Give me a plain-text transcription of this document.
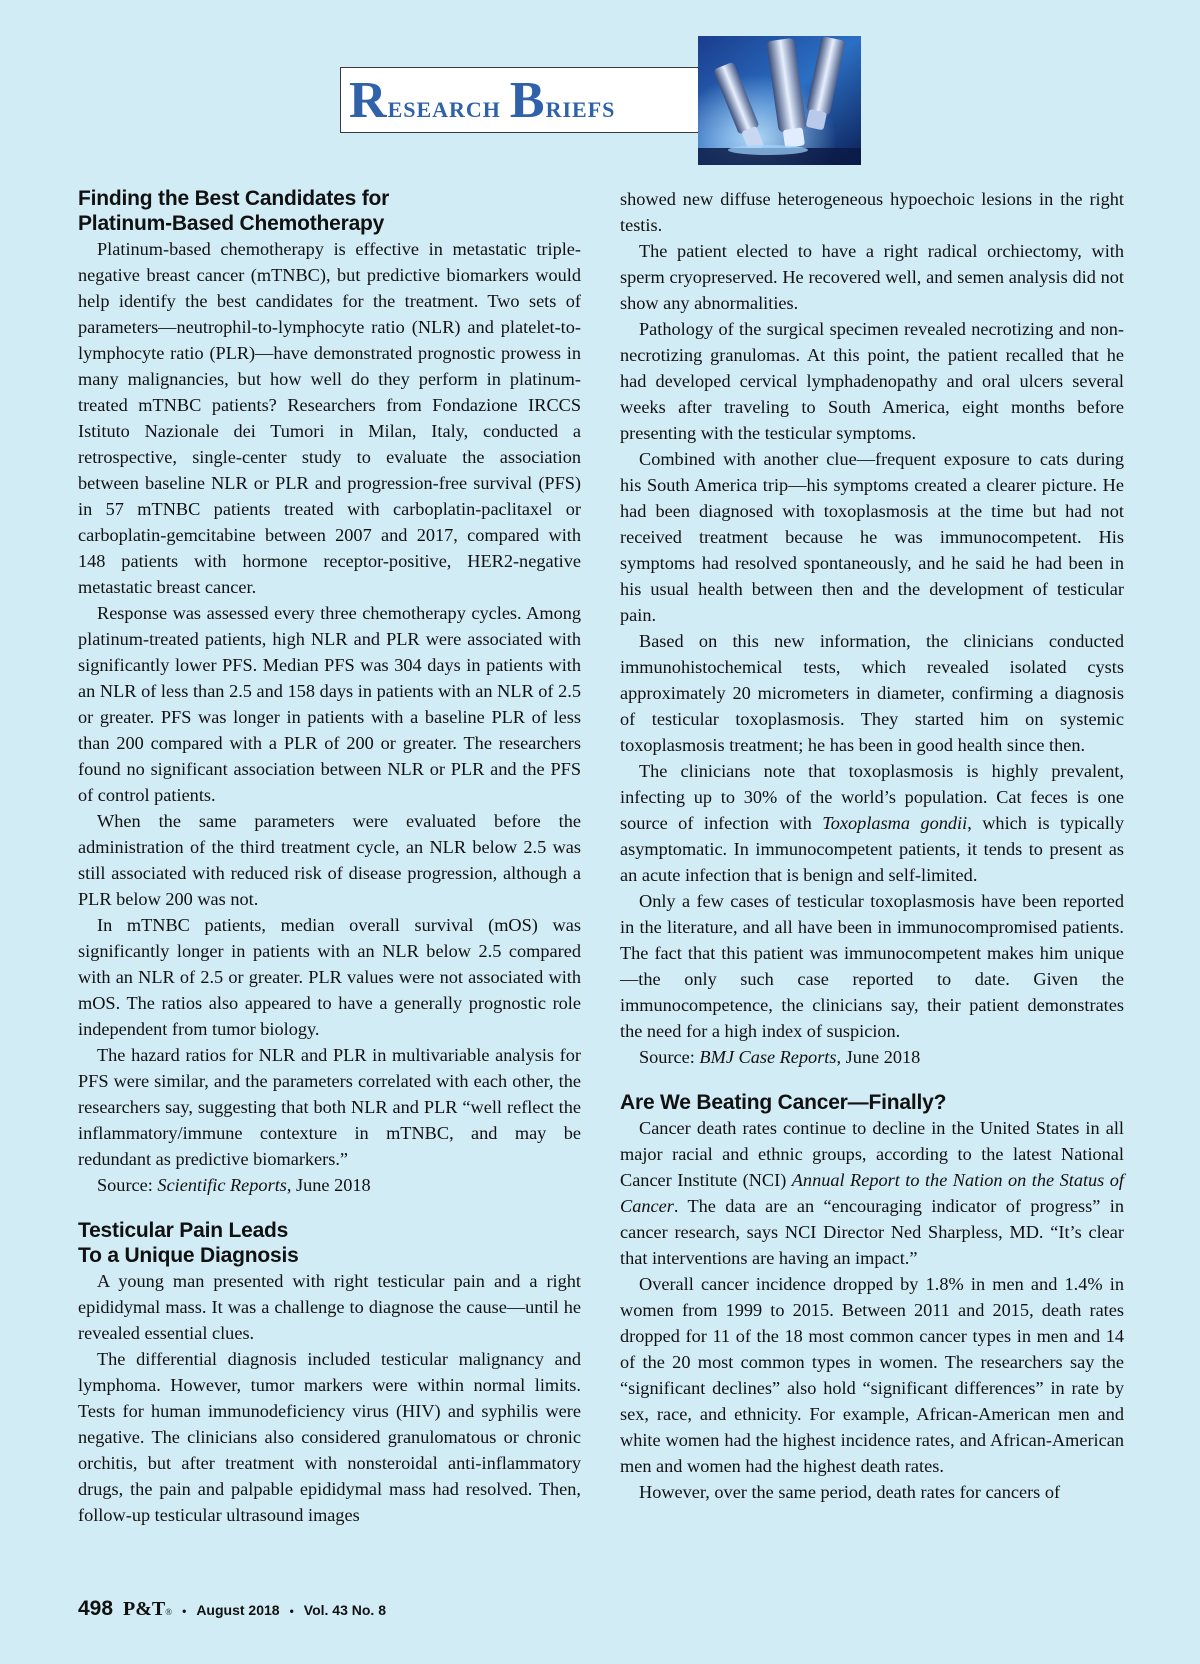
Research Briefs
Finding the Best Candidates for
Platinum-Based Chemotherapy

Platinum-based chemotherapy is effective in metastatic triple-negative breast cancer (mTNBC), but predictive biomarkers would help identify the best candidates for the treatment. Two sets of parameters—neutrophil-to-lymphocyte ratio (NLR) and platelet-to-lymphocyte ratio (PLR)—have demonstrated prognostic prowess in many malignancies, but how well do they perform in platinum-treated mTNBC patients? Researchers from Fondazione IRCCS Istituto Nazionale dei Tumori in Milan, Italy, conducted a retrospective, single-center study to evaluate the association between baseline NLR or PLR and progression-free survival (PFS) in 57 mTNBC patients treated with carboplatin-paclitaxel or carboplatin-gemcitabine between 2007 and 2017, compared with 148 patients with hormone receptor-positive, HER2-negative metastatic breast cancer.

Response was assessed every three chemotherapy cycles. Among platinum-treated patients, high NLR and PLR were associated with significantly lower PFS. Median PFS was 304 days in patients with an NLR of less than 2.5 and 158 days in patients with an NLR of 2.5 or greater. PFS was longer in patients with a baseline PLR of less than 200 compared with a PLR of 200 or greater. The researchers found no significant association between NLR or PLR and the PFS of control patients.

When the same parameters were evaluated before the administration of the third treatment cycle, an NLR below 2.5 was still associated with reduced risk of disease progression, although a PLR below 200 was not.

In mTNBC patients, median overall survival (mOS) was significantly longer in patients with an NLR below 2.5 compared with an NLR of 2.5 or greater. PLR values were not associated with mOS. The ratios also appeared to have a generally prognostic role independent from tumor biology.

The hazard ratios for NLR and PLR in multivariable analysis for PFS were similar, and the parameters correlated with each other, the researchers say, suggesting that both NLR and PLR “well reflect the inflammatory/immune contexture in mTNBC, and may be redundant as predictive biomarkers.”

Source: Scientific Reports, June 2018

Testicular Pain Leads
To a Unique Diagnosis

A young man presented with right testicular pain and a right epididymal mass. It was a challenge to diagnose the cause—until he revealed essential clues.

The differential diagnosis included testicular malignancy and lymphoma. However, tumor markers were within normal limits. Tests for human immunodeficiency virus (HIV) and syphilis were negative. The clinicians also considered granulomatous or chronic orchitis, but after treatment with nonsteroidal anti-inflammatory drugs, the pain and palpable epididymal mass had resolved. Then, follow-up testicular ultrasound images

showed new diffuse heterogeneous hypoechoic lesions in the right testis.

The patient elected to have a right radical orchiectomy, with sperm cryopreserved. He recovered well, and semen analysis did not show any abnormalities.

Pathology of the surgical specimen revealed necrotizing and non-necrotizing granulomas. At this point, the patient recalled that he had developed cervical lymphadenopathy and oral ulcers several weeks after traveling to South America, eight months before presenting with the testicular symptoms.

Combined with another clue—frequent exposure to cats during his South America trip—his symptoms created a clearer picture. He had been diagnosed with toxoplasmosis at the time but had not received treatment because he was immunocompetent. His symptoms had resolved spontaneously, and he said he had been in his usual health between then and the development of testicular pain.

Based on this new information, the clinicians conducted immunohistochemical tests, which revealed isolated cysts approximately 20 micrometers in diameter, confirming a diagnosis of testicular toxoplasmosis. They started him on systemic toxoplasmosis treatment; he has been in good health since then.

The clinicians note that toxoplasmosis is highly prevalent, infecting up to 30% of the world’s population. Cat feces is one source of infection with Toxoplasma gondii, which is typically asymptomatic. In immunocompetent patients, it tends to present as an acute infection that is benign and self-limited.

Only a few cases of testicular toxoplasmosis have been reported in the literature, and all have been in immunocompromised patients. The fact that this patient was immunocompetent makes him unique—the only such case reported to date. Given the immunocompetence, the clinicians say, their patient demonstrates the need for a high index of suspicion.

Source: BMJ Case Reports, June 2018

Are We Beating Cancer—Finally?

Cancer death rates continue to decline in the United States in all major racial and ethnic groups, according to the latest National Cancer Institute (NCI) Annual Report to the Nation on the Status of Cancer. The data are an “encouraging indicator of progress” in cancer research, says NCI Director Ned Sharpless, MD. “It’s clear that interventions are having an impact.”

Overall cancer incidence dropped by 1.8% in men and 1.4% in women from 1999 to 2015. Between 2011 and 2015, death rates dropped for 11 of the 18 most common cancer types in men and 14 of the 20 most common types in women. The researchers say the “significant declines” also hold “significant differences” in rate by sex, race, and ethnicity. For example, African-American men and white women had the highest incidence rates, and African-American men and women had the highest death rates.

However, over the same period, death rates for cancers of

498 P&T® • August 2018 • Vol. 43 No. 8
